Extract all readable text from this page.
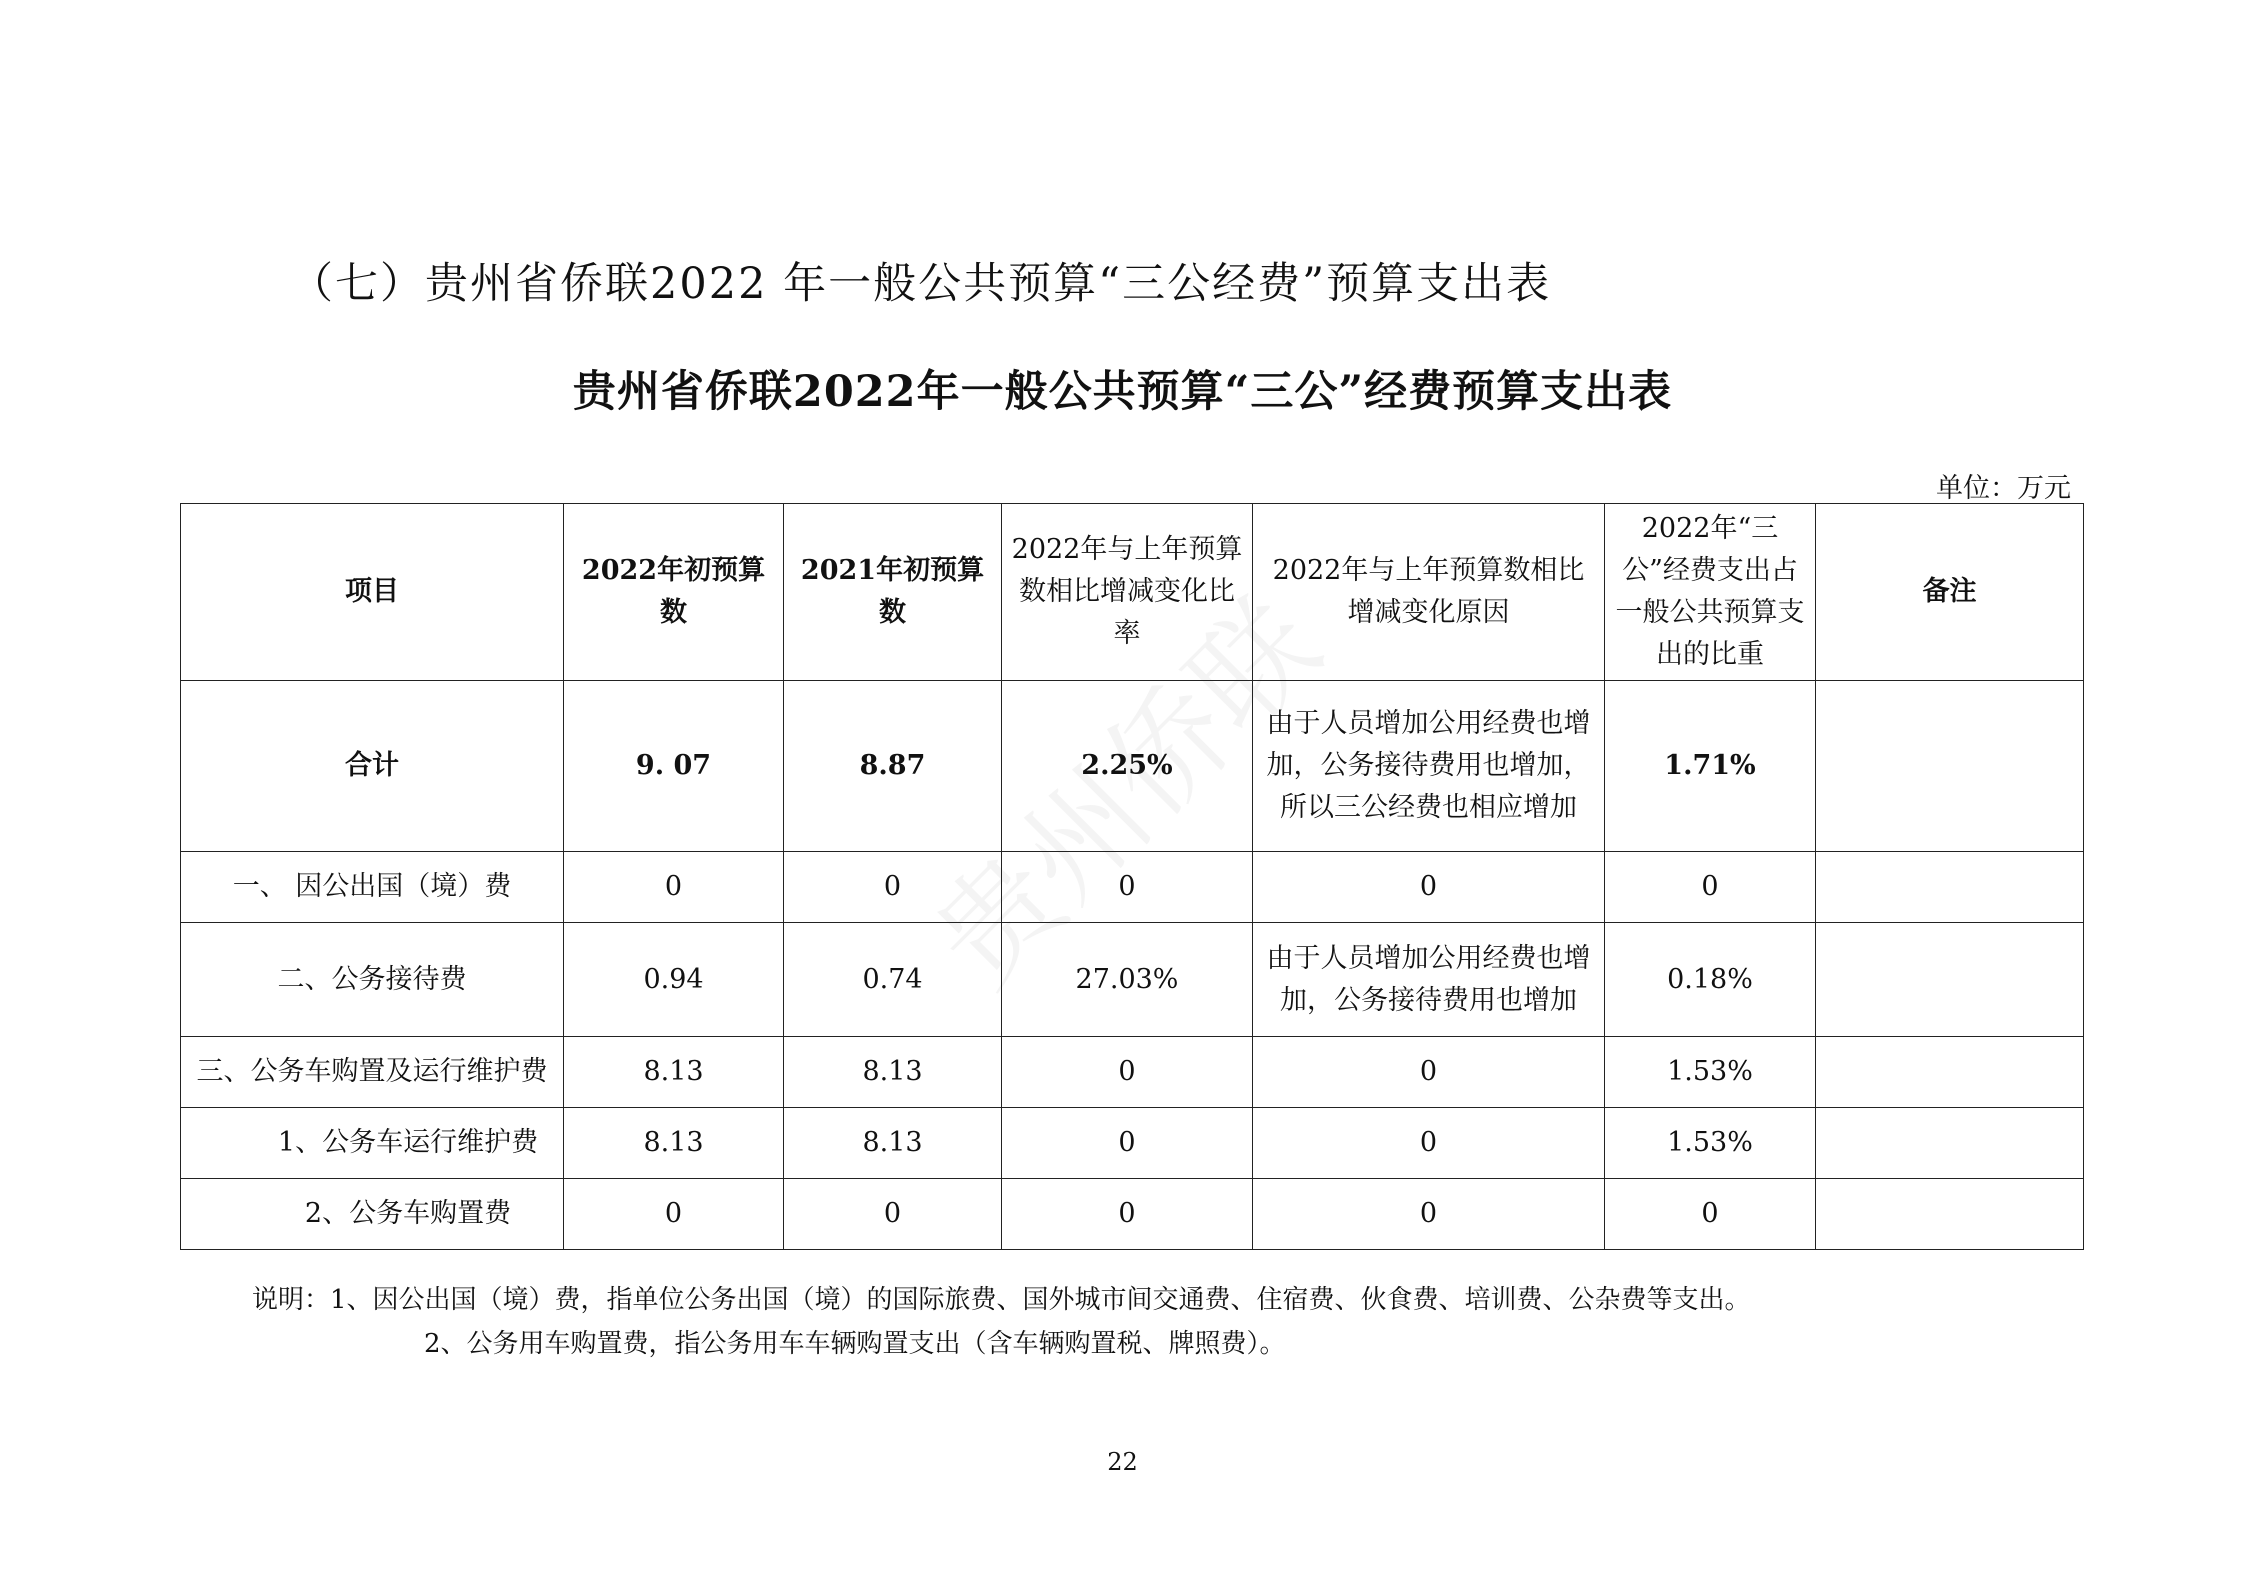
（七）贵州省侨联2022 年一般公共预算“三公经费”预算支出表
贵州省侨联2022年一般公共预算“三公”经费预算支出表
单位：万元
项目	2022年初预算数	2021年初预算数	2022年与上年预算数相比增减变化比率	2022年与上年预算数相比增减变化原因	2022年“三公”经费支出占一般公共预算支出的比重	备注
合计	9. 07	8.87	2.25%	由于人员增加公用经费也增加，公务接待费用也增加，所以三公经费也相应增加	1.71%	
一、 因公出国（境）费	0	0	0	0	0	
二、公务接待费	0.94	0.74	27.03%	由于人员增加公用经费也增加，公务接待费用也增加	0.18%	
三、公务车购置及运行维护费	8.13	8.13	0	0	1.53%	
1、公务车运行维护费	8.13	8.13	0	0	1.53%	
2、公务车购置费	0	0	0	0	0	
说明：1、因公出国（境）费，指单位公务出国（境）的国际旅费、国外城市间交通费、住宿费、伙食费、培训费、公杂费等支出。
2、公务用车购置费，指公务用车车辆购置支出（含车辆购置税、牌照费）。
22
